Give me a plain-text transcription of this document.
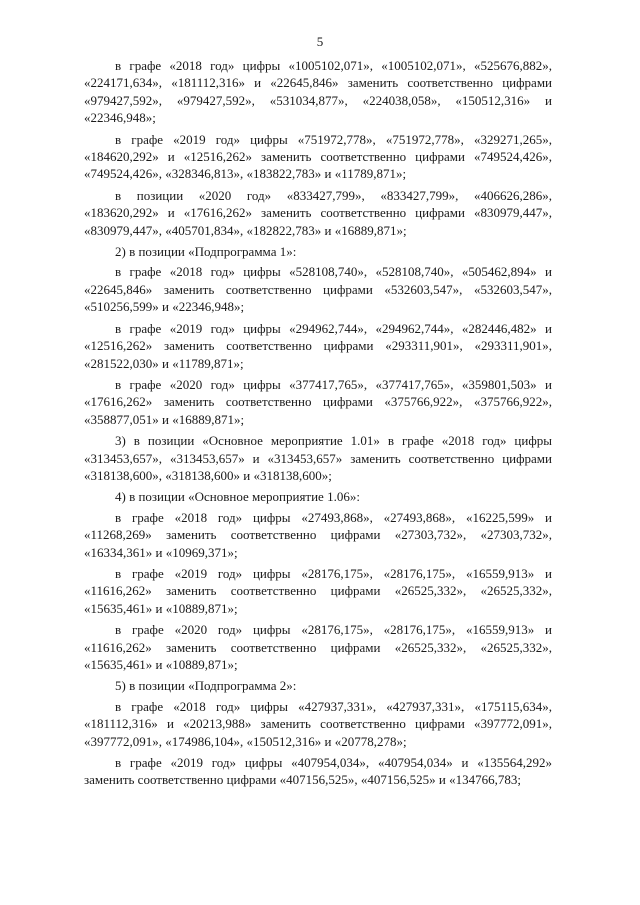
5

в графе «2018 год» цифры «1005102,071», «1005102,071», «525676,882», «224171,634», «181112,316» и «22645,846» заменить соответственно цифрами «979427,592», «979427,592», «531034,877», «224038,058», «150512,316» и «22346,948»;

в графе «2019 год» цифры «751972,778», «751972,778», «329271,265», «184620,292» и «12516,262» заменить соответственно цифрами «749524,426», «749524,426», «328346,813», «183822,783» и «11789,871»;

в позиции «2020 год» «833427,799», «833427,799», «406626,286», «183620,292» и «17616,262» заменить соответственно цифрами «830979,447», «830979,447», «405701,834», «182822,783» и «16889,871»;

2) в позиции «Подпрограмма 1»:

в графе «2018 год» цифры «528108,740», «528108,740», «505462,894» и «22645,846» заменить соответственно цифрами «532603,547», «532603,547», «510256,599» и «22346,948»;

в графе «2019 год» цифры «294962,744», «294962,744», «282446,482» и «12516,262» заменить соответственно цифрами «293311,901», «293311,901», «281522,030» и «11789,871»;

в графе «2020 год» цифры «377417,765», «377417,765», «359801,503» и «17616,262» заменить соответственно цифрами «375766,922», «375766,922», «358877,051» и «16889,871»;

3) в позиции «Основное мероприятие 1.01» в графе «2018 год» цифры «313453,657», «313453,657» и «313453,657» заменить соответственно цифрами «318138,600», «318138,600» и «318138,600»;

4) в позиции «Основное мероприятие 1.06»:

в графе «2018 год» цифры «27493,868», «27493,868», «16225,599» и «11268,269» заменить соответственно цифрами «27303,732», «27303,732», «16334,361» и «10969,371»;

в графе «2019 год» цифры «28176,175», «28176,175», «16559,913» и «11616,262» заменить соответственно цифрами «26525,332», «26525,332», «15635,461» и «10889,871»;

в графе «2020 год» цифры «28176,175», «28176,175», «16559,913» и «11616,262» заменить соответственно цифрами «26525,332», «26525,332», «15635,461» и «10889,871»;

5) в позиции «Подпрограмма 2»:

в графе «2018 год» цифры «427937,331», «427937,331», «175115,634», «181112,316» и «20213,988» заменить соответственно цифрами «397772,091», «397772,091», «174986,104», «150512,316» и «20778,278»;

в графе «2019 год» цифры «407954,034», «407954,034» и «135564,292» заменить соответственно цифрами «407156,525», «407156,525» и «134766,783;
